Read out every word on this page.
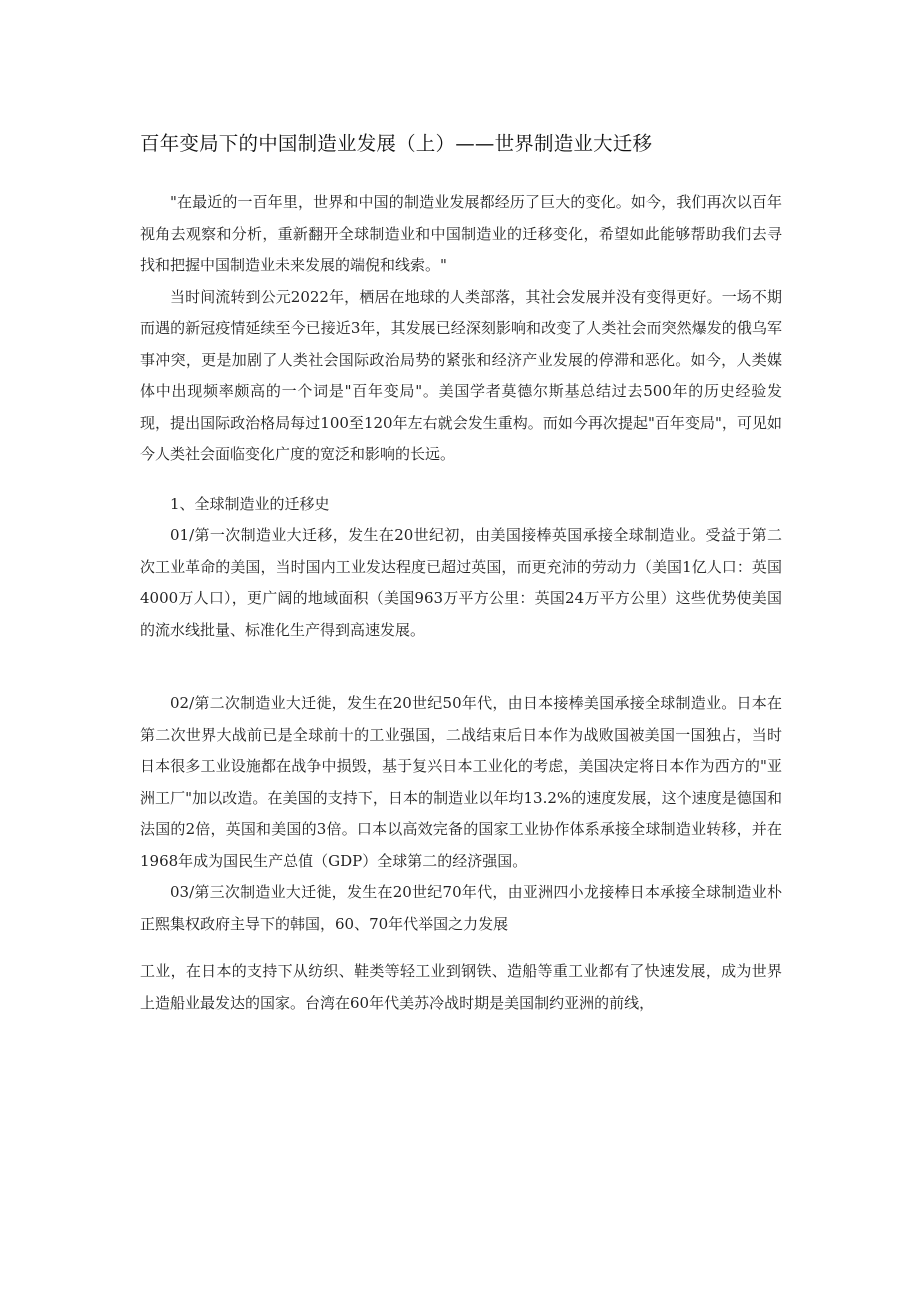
百年变局下的中国制造业发展（上）——世界制造业大迁移

"在最近的一百年里，世界和中国的制造业发展都经历了巨大的变化。如今，我们再次以百年视角去观察和分析，重新翻开全球制造业和中国制造业的迁移变化，希望如此能够帮助我们去寻找和把握中国制造业未来发展的端倪和线索。"

当时间流转到公元2022年，栖居在地球的人类部落，其社会发展并没有变得更好。一场不期而遇的新冠疫情延续至今已接近3年，其发展已经深刻影响和改变了人类社会而突然爆发的俄乌军事冲突，更是加剧了人类社会国际政治局势的紧张和经济产业发展的停滞和恶化。如今，人类媒体中出现频率颇高的一个词是"百年变局"。美国学者莫德尔斯基总结过去500年的历史经验发现，提出国际政治格局每过100至120年左右就会发生重构。而如今再次提起"百年变局"，可见如今人类社会面临变化广度的宽泛和影响的长远。

1、全球制造业的迁移史

01/第一次制造业大迁移，发生在20世纪初，由美国接棒英国承接全球制造业。受益于第二次工业革命的美国，当时国内工业发达程度已超过英国，而更充沛的劳动力（美国1亿人口：英国4000万人口），更广阔的地域面积（美国963万平方公里：英国24万平方公里）这些优势使美国的流水线批量、标准化生产得到高速发展。

02/第二次制造业大迁徙，发生在20世纪50年代，由日本接棒美国承接全球制造业。日本在第二次世界大战前已是全球前十的工业强国，二战结束后日本作为战败国被美国一国独占，当时日本很多工业设施都在战争中损毁，基于复兴日本工业化的考虑，美国决定将日本作为西方的"亚洲工厂"加以改造。在美国的支持下，日本的制造业以年均13.2%的速度发展，这个速度是德国和法国的2倍，英国和美国的3倍。口本以高效完备的国家工业协作体系承接全球制造业转移，并在1968年成为国民生产总值（GDP）全球第二的经济强国。

03/第三次制造业大迁徙，发生在20世纪70年代，由亚洲四小龙接棒日本承接全球制造业朴正熙集权政府主导下的韩国，60、70年代举国之力发展

工业，在日本的支持下从纺织、鞋类等轻工业到钢铁、造船等重工业都有了快速发展，成为世界上造船业最发达的国家。台湾在60年代美苏冷战时期是美国制约亚洲的前线，
